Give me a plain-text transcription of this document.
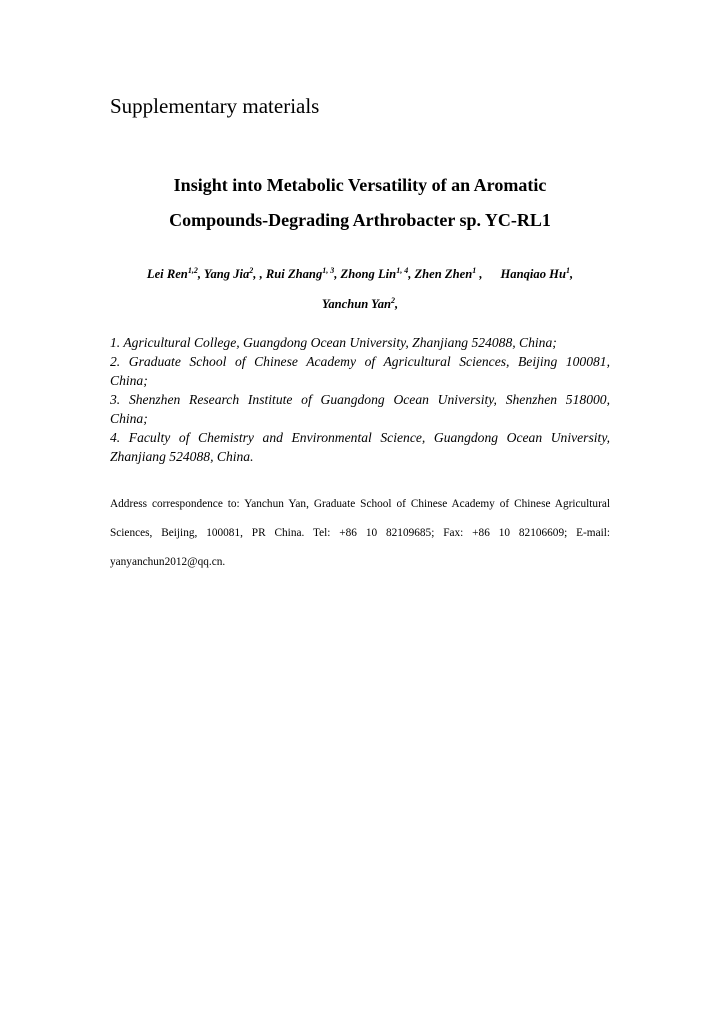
Supplementary materials
Insight into Metabolic Versatility of an Aromatic
Compounds-Degrading Arthrobacter sp. YC-RL1
Lei Ren$^{1,2}$, Yang Jia$^2$, , Rui Zhang$^{1, 3}$, Zhong Lin$^{1, 4}$, Zhen Zhen$^1$ , Hanqiao Hu$^1$,
Yanchun Yan$^2$,
1. Agricultural College, Guangdong Ocean University, Zhanjiang 524088, China;
2. Graduate School of Chinese Academy of Agricultural Sciences, Beijing 100081,
China;
3. Shenzhen Research Institute of Guangdong Ocean University, Shenzhen 518000,
China;
4. Faculty of Chemistry and Environmental Science, Guangdong Ocean University,
Zhanjiang 524088, China.
Address correspondence to: Yanchun Yan, Graduate School of Chinese Academy of Chinese Agricultural
Sciences, Beijing, 100081, PR China. Tel: +86 10 82109685; Fax: +86 10 82106609; E-mail:
yanyanchun2012@qq.cn.
